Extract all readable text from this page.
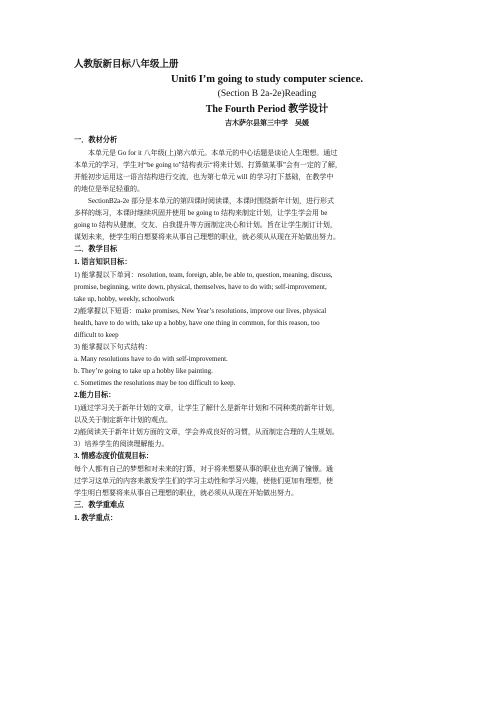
人教版新目标八年级上册
Unit6 I’m going to study computer science.
(Section B 2a-2e)Reading
The Fourth Period 教学设计
吉木萨尔县第三中学　吴媛
一．教材分析
本单元是 Go for it 八年级(上)第六单元。本单元的中心话题是谈论人生理想。通过
本单元的学习，学生对“be going to”结构表示“将来计划、打算做某事”会有一定的了解，
并能初步运用这一语言结构进行交流，也为第七单元 will 的学习打下基础，在教学中
的地位是举足轻重的。
SectionB2a-2e 部分是本单元的第四课时阅读课，本课时围绕新年计划，进行形式
多样的练习，本课时继续巩固并使用 be going to 结构来制定计划，让学生学会用 be
going to 结构从健康，交友、自我提升等方面制定决心和计划。旨在让学生制订计划，
谋划未来，使学生明白想要将来从事自己理想的职业，就必须从从现在开始做出努力。
二．教学目标
1. 语言知识目标：
1) 能掌握以下单词：resolution, team, foreign, able, be able to, question, meaning, discuss,
promise, beginning, write down, physical, themselves, have to do with; self-improvement,
take up, hobby, weekly, schoolwork
2)能掌握以下短语：make promises, New Year’s resolutions, improve our lives, physical
health, have to do with, take up a hobby, have one thing in common, for this reason, too
difficult to keep
3) 能掌握以下句式结构：
a. Many resolutions have to do with self-improvement.
b. They’re going to take up a hobby like painting.
c. Sometimes the resolutions may be too difficult to keep.
2.能力目标：
1)通过学习关于新年计划的文章，让学生了解什么是新年计划和不同种类的新年计划，
以及关于制定新年计划的观点。
2)能阅读关于新年计划方面的文章，学会养成良好的习惯，从而制定合理的人生规划。
3）培养学生的阅读理解能力。
3. 情感态度价值观目标：
每个人都有自己的梦想和对未来的打算，对于将来想要从事的职业也充满了憧憬。通
过学习这单元的内容来激发学生们的学习主动性和学习兴趣，使他们更加有理想，使
学生明白想要将来从事自己理想的职业，就必须从从现在开始做出努力。
三．教学重难点
1. 教学重点：
